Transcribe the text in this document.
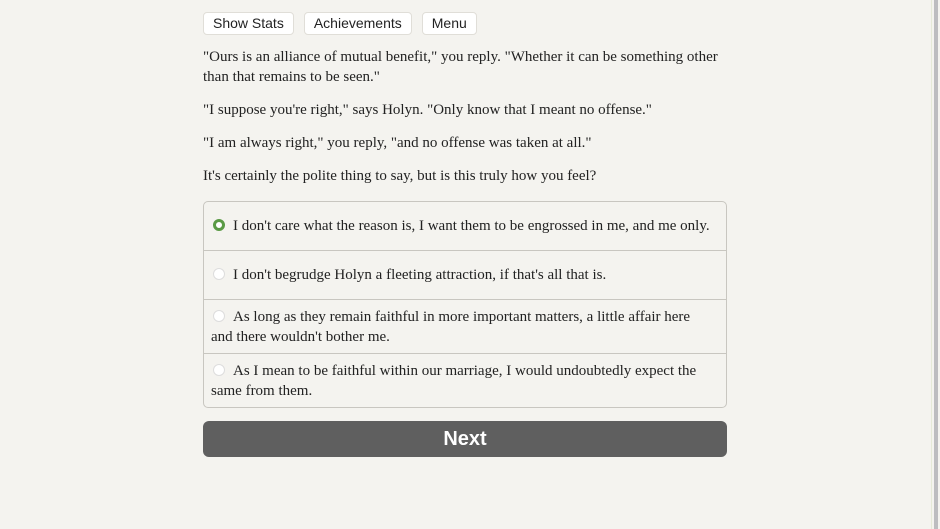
Show Stats	Achievements	Menu

"Ours is an alliance of mutual benefit," you reply. "Whether it can be something other than that remains to be seen."

"I suppose you're right," says Holyn. "Only know that I meant no offense."

"I am always right," you reply, "and no offense was taken at all."

It's certainly the polite thing to say, but is this truly how you feel?

I don't care what the reason is, I want them to be engrossed in me, and me only.
I don't begrudge Holyn a fleeting attraction, if that's all that is.
As long as they remain faithful in more important matters, a little affair here and there wouldn't bother me.
As I mean to be faithful within our marriage, I would undoubtedly expect the same from them.
Next
